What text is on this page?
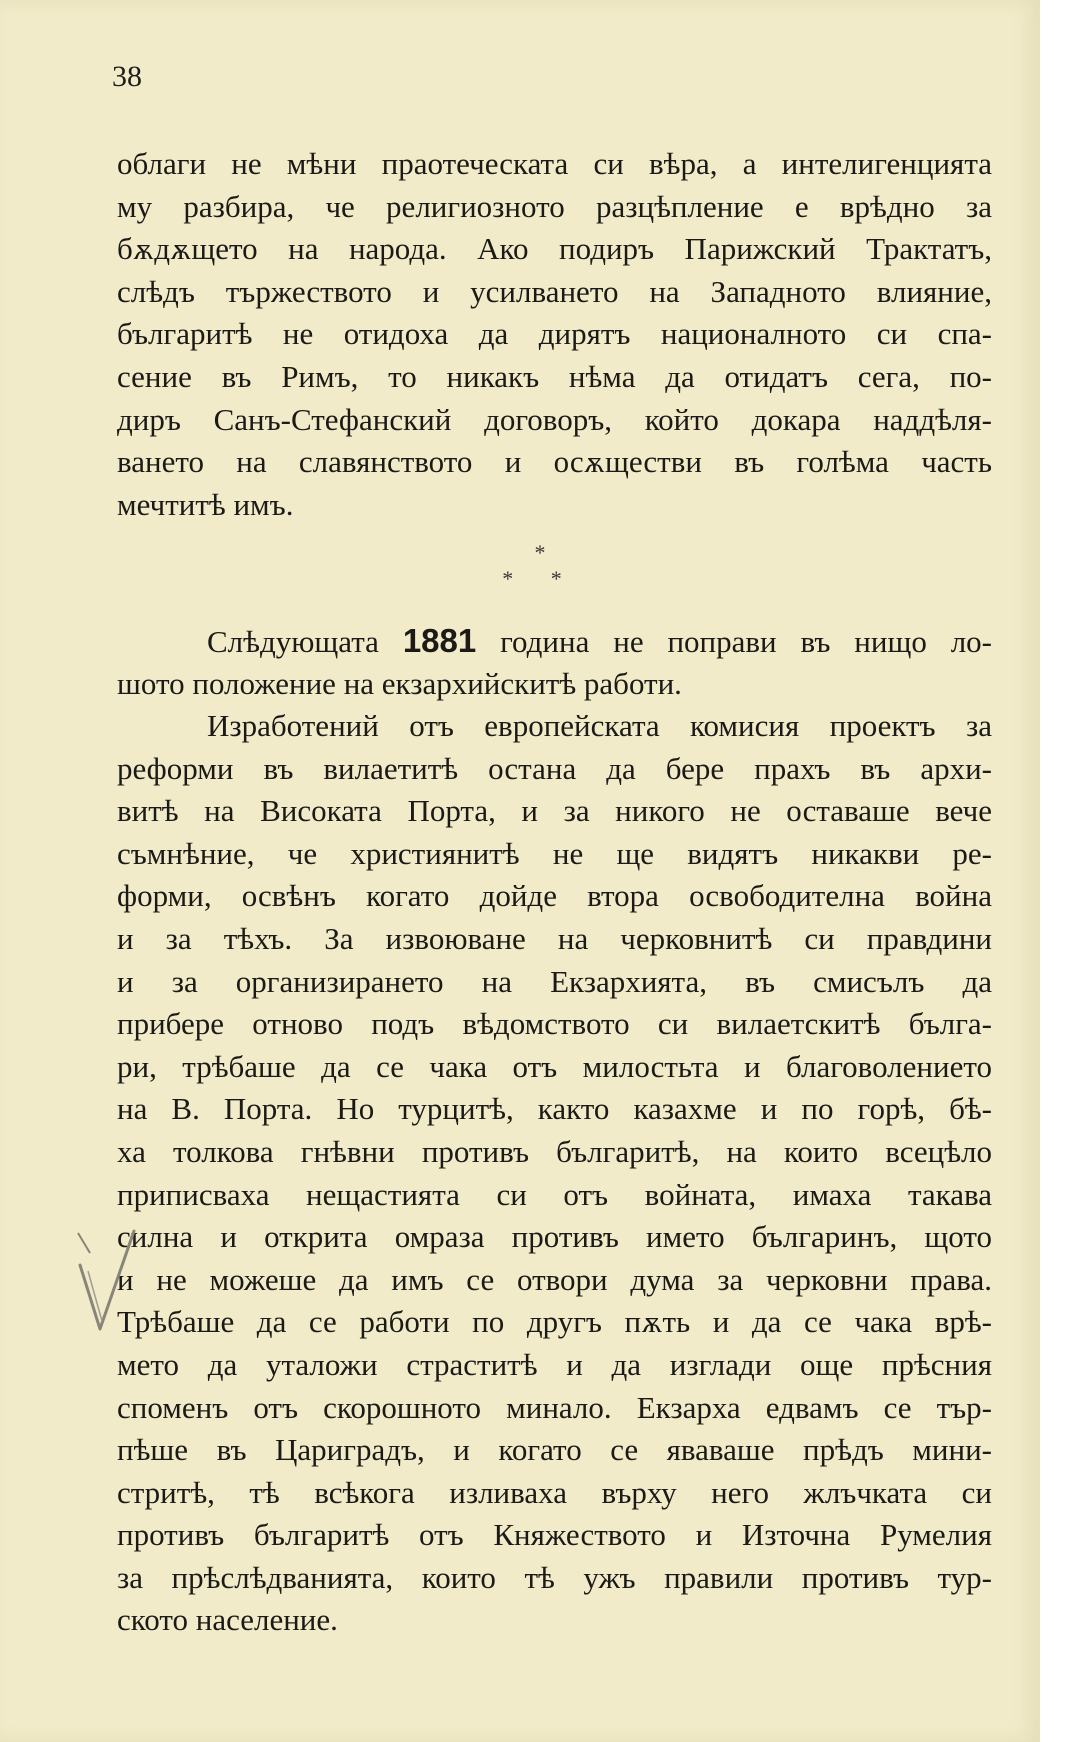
38
облаги не мѣни праотеческата си вѣра, а интелигенцията
му разбира, че религиозното разцѣпление е врѣдно за
бѫдѫщето на народа. Ако подиръ Парижский Трактатъ,
слѣдъ тържеството и усилването на Западното влияние,
българитѣ не отидоха да дирятъ националното си спа-
сение въ Римъ, то никакъ нѣма да отидатъ сега, по-
диръ Санъ-Стефанский договоръ, който докара наддѣля-
ването на славянството и осѫществи въ голѣма часть
мечтитѣ имъ.
*
* *
Слѣдующата 1881 година не поправи въ нищо ло-
шото положение на екзархийскитѣ работи.
Изработений отъ европейската комисия проектъ за
реформи въ вилаетитѣ остана да бере прахъ въ архи-
витѣ на Високата Порта, и за никого не оставаше вече
съмнѣние, че християнитѣ не ще видятъ никакви ре-
форми, освѣнъ когато дойде втора освободителна война
и за тѣхъ. За извоюване на черковнитѣ си правдини
и за организирането на Екзархията, въ смисълъ да
прибере отново подъ вѣдомството си вилаетскитѣ бълга-
ри, трѣбаше да се чака отъ милостьта и благоволението
на В. Порта. Но турцитѣ, както казахме и по горѣ, бѣ-
ха толкова гнѣвни противъ българитѣ, на които всецѣло
приписваха нещастията си отъ войната, имаха такава
силна и открита омраза противъ името българинъ, щото
и не можеше да имъ се отвори дума за черковни права.
Трѣбаше да се работи по другъ пѫть и да се чака врѣ-
мето да уталожи страститѣ и да изглади още прѣсния
споменъ отъ скорошното минало. Екзарха едвамъ се тър-
пѣше въ Цариградъ, и когато се яваваше прѣдъ мини-
стритѣ, тѣ всѣкога изливаха върху него жлъчката си
противъ българитѣ отъ Княжеството и Източна Румелия
за прѣслѣдванията, които тѣ ужъ правили противъ тур-
ското население.
